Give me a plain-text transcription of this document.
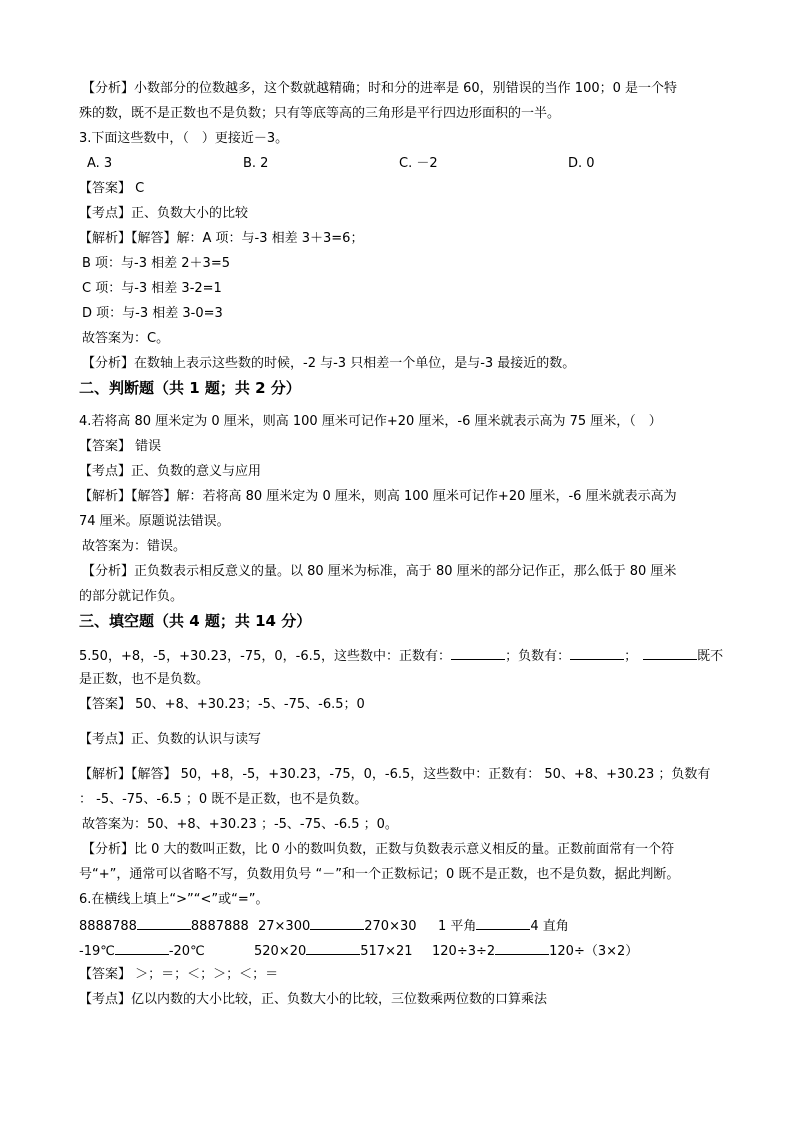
【分析】小数部分的位数越多，这个数就越精确；时和分的进率是 60，别错误的当作 100；0 是一个特
殊的数，既不是正数也不是负数；只有等底等高的三角形是平行四边形面积的一半。
3.下面这些数中，（　）更接近－3。
A. 3	B. 2	C. －2	D. 0
【答案】 C
【考点】正、负数大小的比较
【解析】【解答】解：A 项：与-3 相差 3＋3=6；
B 项：与-3 相差 2＋3=5
C 项：与-3 相差 3-2=1
D 项：与-3 相差 3-0=3
故答案为：C。
【分析】在数轴上表示这些数的时候，-2 与-3 只相差一个单位，是与-3 最接近的数。
二、判断题（共 1 题；共 2 分）
4.若将高 80 厘米定为 0 厘米，则高 100 厘米可记作+20 厘米，-6 厘米就表示高为 75 厘米，（　）
【答案】 错误
【考点】正、负数的意义与应用
【解析】【解答】解：若将高 80 厘米定为 0 厘米，则高 100 厘米可记作+20 厘米，-6 厘米就表示高为
74 厘米。原题说法错误。
故答案为：错误。
【分析】正负数表示相反意义的量。以 80 厘米为标准，高于 80 厘米的部分记作正，那么低于 80 厘米
的部分就记作负。
三、填空题（共 4 题；共 14 分）
5.50，+8，-5，+30.23，-75，0，-6.5，这些数中：正数有：	；负数有：	；	既不
是正数，也不是负数。
【答案】 50、+8、+30.23；-5、-75、-6.5；0
【考点】正、负数的认识与读写
【解析】【解答】 50，+8，-5，+30.23，-75，0，-6.5，这些数中：正数有： 50、+8、+30.23 ；负数有
： -5、-75、-6.5 ；0 既不是正数，也不是负数。
故答案为：50、+8、+30.23 ；-5、-75、-6.5 ；0。
【分析】比 0 大的数叫正数，比 0 小的数叫负数，正数与负数表示意义相反的量。正数前面常有一个符
号“+”，通常可以省略不写，负数用负号 “－”和一个正数标记；0 既不是正数，也不是负数，据此判断。
6.在横线上填上“>”“<”或“=”。
8888788	8887888 27×300	270×30 1 平角	4 直角
-19℃	-20℃	520×20	517×21 120÷3÷2	120÷（3×2）
【答案】 ＞；＝；＜；＞；＜；＝
【考点】亿以内数的大小比较，正、负数大小的比较，三位数乘两位数的口算乘法
